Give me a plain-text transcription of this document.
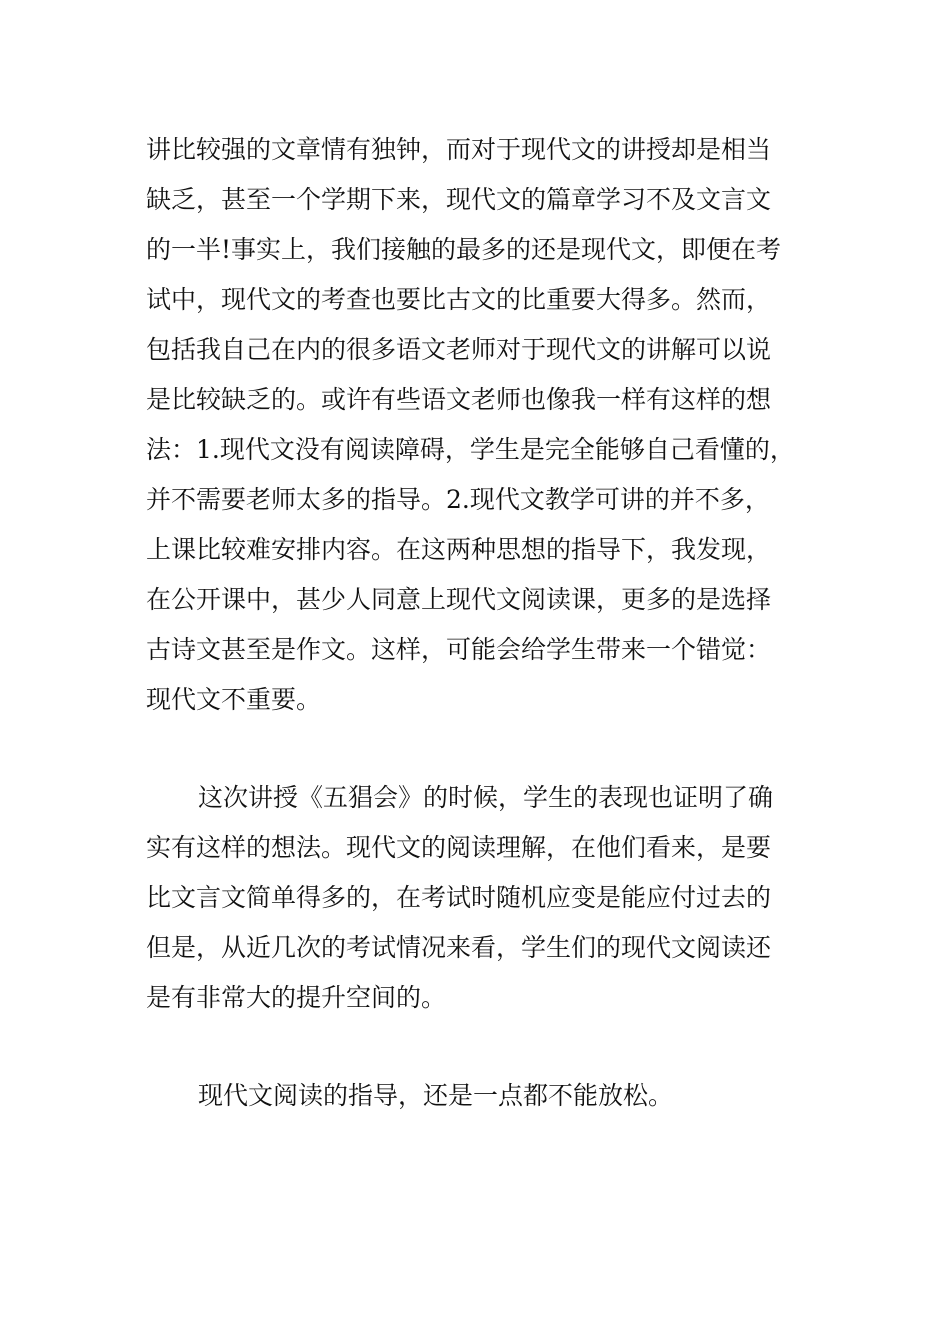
讲比较强的文章情有独钟，而对于现代文的讲授却是相当
缺乏，甚至一个学期下来，现代文的篇章学习不及文言文
的一半!事实上，我们接触的最多的还是现代文，即便在考
试中，现代文的考查也要比古文的比重要大得多。然而，
包括我自己在内的很多语文老师对于现代文的讲解可以说
是比较缺乏的。或许有些语文老师也像我一样有这样的想
法：1.现代文没有阅读障碍，学生是完全能够自己看懂的，
并不需要老师太多的指导。2.现代文教学可讲的并不多，
上课比较难安排内容。在这两种思想的指导下，我发现，
在公开课中，甚少人同意上现代文阅读课，更多的是选择
古诗文甚至是作文。这样，可能会给学生带来一个错觉：
现代文不重要。
这次讲授《五猖会》的时候，学生的表现也证明了确
实有这样的想法。现代文的阅读理解，在他们看来，是要
比文言文简单得多的，在考试时随机应变是能应付过去的
但是，从近几次的考试情况来看，学生们的现代文阅读还
是有非常大的提升空间的。
现代文阅读的指导，还是一点都不能放松。
